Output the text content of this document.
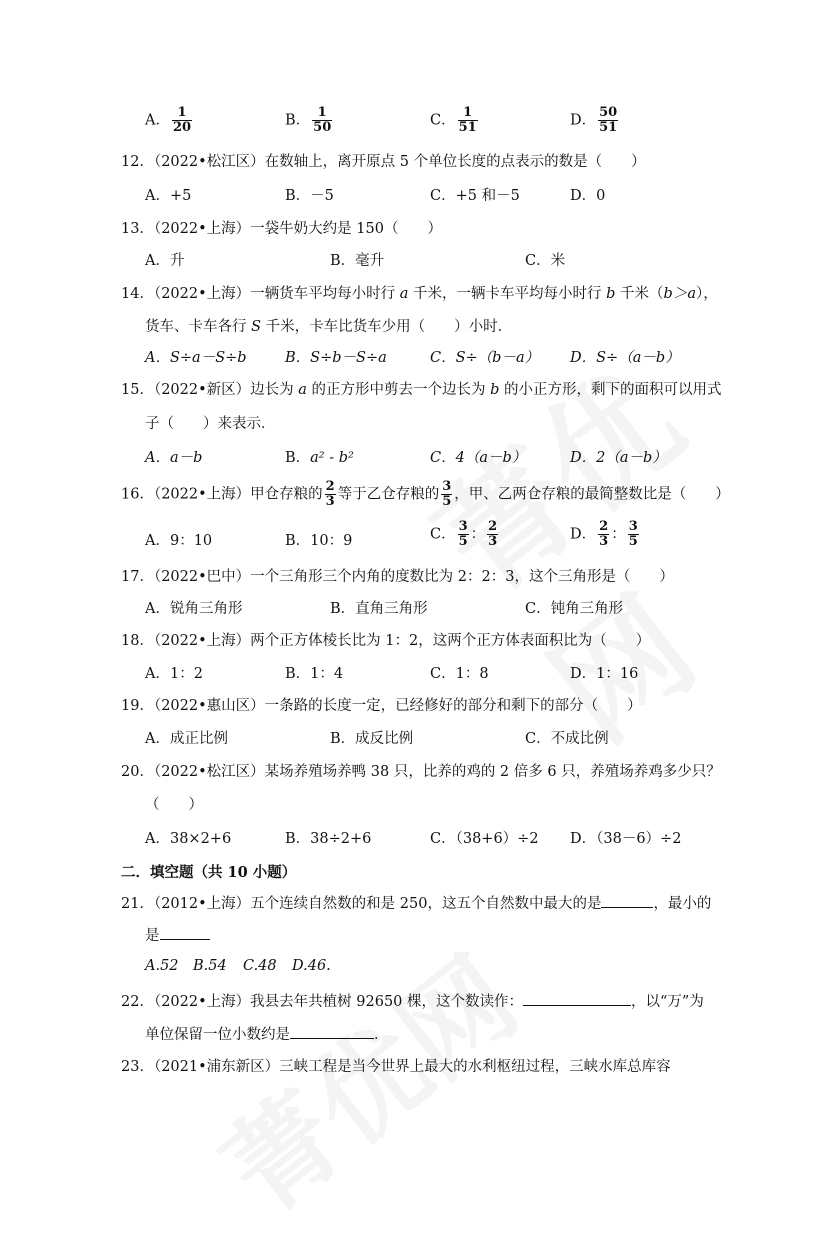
A． $\frac{1}{20}$	B． $\frac{1}{50}$	C． $\frac{1}{51}$	D． $\frac{50}{51}$
12．（2022•松江区）在数轴上，离开原点 5 个单位长度的点表示的数是（　　）
A．+5	B．－5	C．+5 和－5	D．0
13．（2022•上海）一袋牛奶大约是 150（　　）
A．升	B．毫升	C．米
14．（2022•上海）一辆货车平均每小时行 a 千米，一辆卡车平均每小时行 b 千米（b＞a），
货车、卡车各行 S 千米，卡车比货车少用（　　）小时．
A．S÷a－S÷b	B．S÷b－S÷a	C．S÷（b－a） D．S÷（a－b）
15．（2022•新区）边长为 a 的正方形中剪去一个边长为 b 的小正方形，剩下的面积可以用式
子（　　）来表示．
A．a－b	B．a² - b²	C．4（a－b）	D．2（a－b）
16．（2022•上海）甲仓存粮的 $\frac{2}{3}$ 等于乙仓存粮的 $\frac{3}{5}$ ，甲、乙两仓存粮的最简整数比是（　　）
A．9：10	B．10：9	C． $\frac{3}{5}$ ： $\frac{2}{3}$	D． $\frac{2}{3}$ ： $\frac{3}{5}$
17．（2022•巴中）一个三角形三个内角的度数比为 2：2：3，这个三角形是（　　）
A．锐角三角形	B．直角三角形	C．钝角三角形
18．（2022•上海）两个正方体棱长比为 1：2，这两个正方体表面积比为（　　）
A．1：2	B．1：4	C．1：8	D．1：16
19．（2022•惠山区）一条路的长度一定，已经修好的部分和剩下的部分（　　）
A．成正比例	B．成反比例	C．不成比例
20．（2022•松江区）某场养殖场养鸭 38 只，比养的鸡的 2 倍多 6 只，养殖场养鸡多少只？
（　　）
A．38×2+6	B．38÷2+6	C．（38+6）÷2 D．（38－6）÷2
二．填空题（共 10 小题）
21．（2012•上海）五个连续自然数的和是 250，这五个自然数中最大的是	，最小的
是
A.52 B.54 C.48 D.46.
22．（2022•上海）我县去年共植树 92650 棵，这个数读作：	，以“万”为
单位保留一位小数约是	．
23．（2021•浦东新区）三峡工程是当今世界上最大的水利枢纽过程，三峡水库总库容
